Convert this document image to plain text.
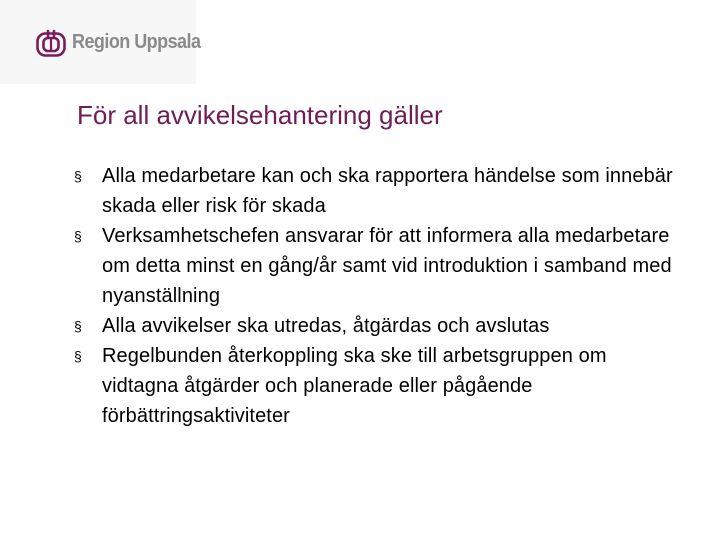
Region Uppsala
För all avvikelsehantering gäller
§ Alla medarbetare kan och ska rapportera händelse som innebär skada eller risk för skada
§ Verksamhetschefen ansvarar för att informera alla medarbetare om detta minst en gång/år samt vid introduktion i samband med nyanställning
§ Alla avvikelser ska utredas, åtgärdas och avslutas
§ Regelbunden återkoppling ska ske till arbetsgruppen om vidtagna åtgärder och planerade eller pågående förbättringsaktiviteter
